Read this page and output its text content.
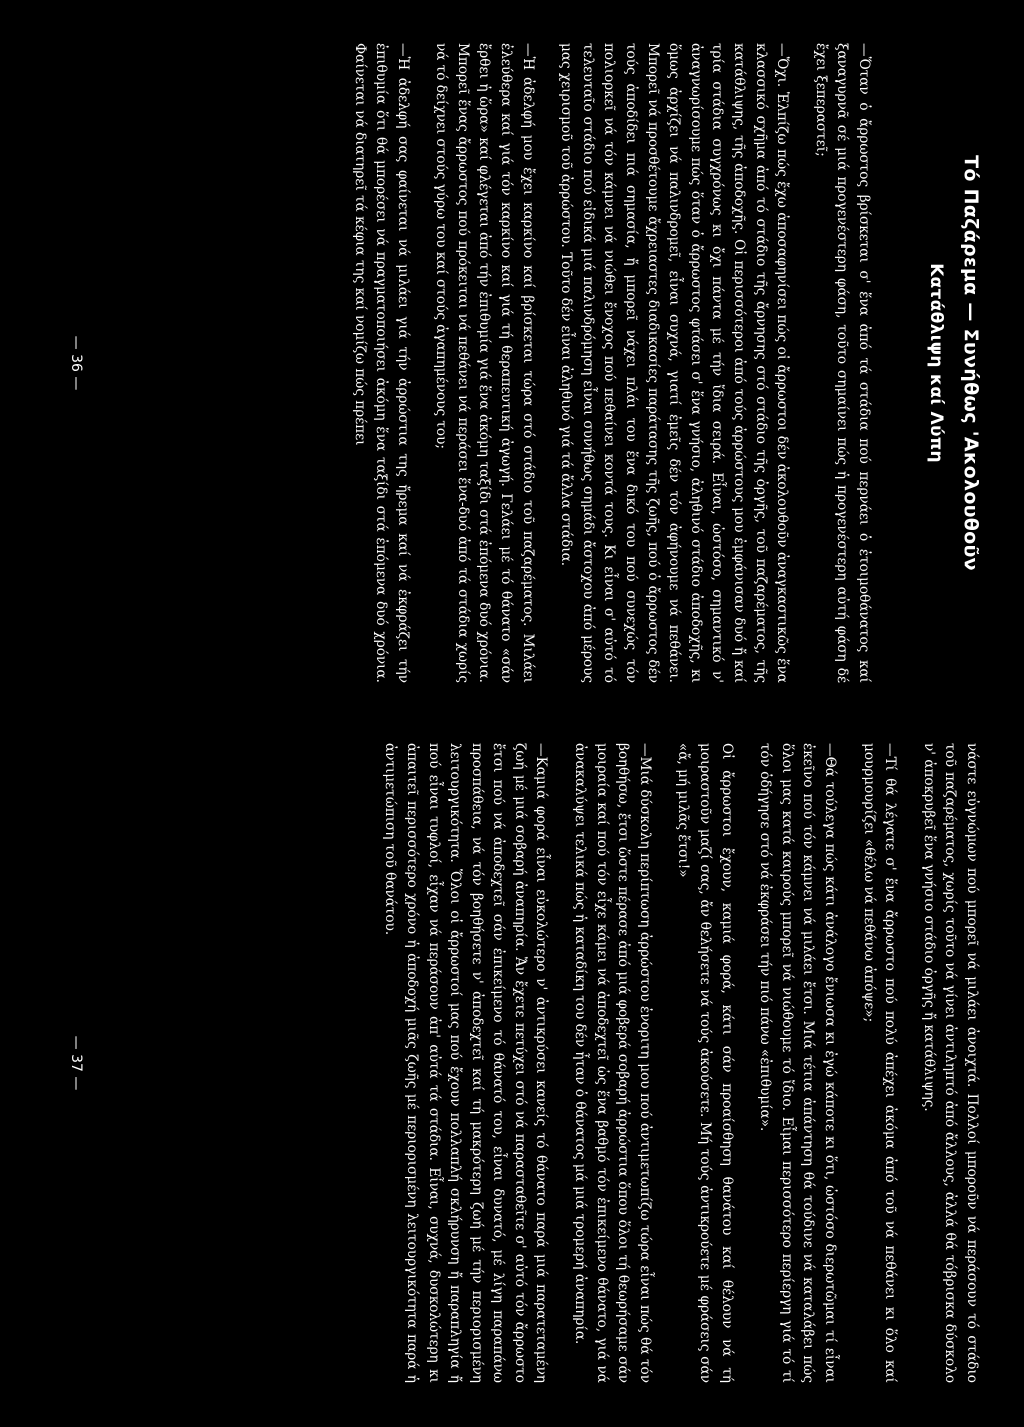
Τό Παζάρεμα — Συνήθως 'Ακολουθοῦν
Κατάθλιψη καί Λύπη

—Ὅταν ὁ ἄρρωστος βρίσκεται σ' ἕνα ἀπό τά στάδια πού περνάει ὁ ἑτοιμοθάνατος καί ξαναγυρνᾶ σέ μιά προγενέστερη φάση, τοῦτο σημαίνει πώς ἡ προγενέστερη αὐτή φάση δέ ἔχει ξεπεραστεῖ;

—Ὄχι. Ἐλπίζω πώς ἔχω ἀποσαφηνίσει πώς οἱ ἄρρωστοι δέν ἀκολουθοῦν ἀναγκαστικῶς ἕνα κλασσικό σχῆμα ἀπό τό στάδιο τῆς ἄρνησης στό στάδιο τῆς ὀργῆς, τοῦ παζαρέματος, τῆς κατάθλιψης, τῆς ἀποδοχῆς. Οἱ περισσότεροι ἀπό τούς ἀρρώστους μου ἐμφάνισαν δυό ἤ καί τρία στάδια συγχρόνως κι ὄχι πάντα μέ τήν ἴδια σειρά. Εἶναι, ὡστόσο, σημαντικό ν' ἀναγνωρίσουμε πώς ὅταν ὁ ἄρρωστος φτάσει σ' ἕνα γνήσιο, ἀληθινό στάδιο ἀποδοχῆς, κι ὅμως ἀρχίζει νά παλινδρομεῖ, εἶναι συχνά, γιατί ἐμεῖς δέν τόν ἀφήνουμε νά πεθάνει. Μπορεῖ νά προσθέτουμε ἄχρειαστες διαδικασίες παράτασης τῆς ζωῆς, πού ὁ ἄρρωστος δέν τούς ἀποδίδει πιά σημασία, ἤ μπορεῖ νάχει πλάι του ἕνα δικό του πού συνεχώς τόν πολιορκεῖ νά τόν κάμνει νά νιώθει ἔνοχος πού πεθαίνει κοντά τους. Κι εἶναι σ' αὐτό τό τελευταῖο στάδιο πού εἰδικά μιά παλινδρόμηση εἶναι συνήθως σημάδι ἄστοχου ἀπό μέρους μας χειρισμοῦ τοῦ ἀρρώστου. Τοῦτο δέν εἶναι ἀληθινό γιά τά ἄλλα στάδια.

—Ἡ ἀδελφή μου ἔχει καρκίνο καί βρίσκεται τώρα στό στάδιο τοῦ παζαρέματος. Μιλάει ἐλεύθερα καί γιά τόν καρκίνο καί γιά τή θεραπευτική ἀγωγή. Γελάει μέ τό θάνατο «σάν ἔρθει ἡ ὥρα» καί φλέγεται ἀπό τήν ἐπιθυμία γιά ἕνα ἀκόμη ταξίδι στά ἑπόμενα δυό χρόνια. Μπορεῖ ἕνας ἄρρωστος πού πρόκειται νά πεθάνει νά περάσει ἕνα-δυό ἀπό τά στάδια χωρίς νά τό δείχνει στούς γύρω του καί στούς ἀγαπημένους του;

—Ἡ ἀδελφή σας φαίνεται νά μιλάει γιά τήν ἀρρώστια της ἤρεμα καί νά ἐκφράζει τήν ἐπιθυμία ὅτι θά μπορέσει νά πραγματοποιήσει ἀκόμη ἕνα ταξίδι στά ἑπόμενα δυό χρόνια. Φαίνεται νά διατηρεῖ τά κέφια της καί νομίζω πώς πρέπει

— 36 —

νάστε εὐγνώμων πού μπορεῖ νά μιλάει ἀνοιχτά. Πολλοί μποροῦν νά περάσουν τό στάδιο τοῦ παζαρέματος, χωρίς τοῦτο νά γίνει ἀντιληπτό ἀπό ἄλλους, ἀλλά θά τόβρισκα δύσκολο ν' ἀποκρυβεῖ ἕνα γνήσιο στάδιο ὀργῆς ἤ κατάθλιψης.

—Τί θά λέγατε σ' ἕνα ἄρρωστο πού πολύ ἀπέχει ἀκόμα ἀπό τοῦ νά πεθάνει κι ὅλο καί μουρμουρίζει «θέλω νά πεθάνω ἀπόψε»;

—Θά τούλεγα πώς κάτι ἀνάλογο ἔνιωσα κι ἐγώ κάποτε κι ὅτι, ὡστόσο διερωτῶμαι τί εἶναι ἐκεῖνο πού τόν κάμνει νά μιλάει ἔτσι. Μιά τέτια ἀπάντηση θά τούδινε νά καταλάβει πώς ὅλοι μας κατά καιρούς μπορεῖ νά νιώθουμε τό ἴδιο. Εἶμαι περισσότερο περίεργη γιά τό τί τόν ὁδήγησε στό νά ἐκφράσει τήν πιό πάνω «ἐπιθυμία».

Οἱ ἄρρωστοι ἔχουν, καμιά φορά, κάτι σάν προαίσθηση θανάτου καί θέλουν νά τή μοιραστοῦν μαζί σας, ἄν θελήσετε νά τούς ἀκούσετε. Μή τούς ἀντικρούετε μέ φράσεις σάν «ἄ, μή μιλᾶς ἔτσι!»

—Μιά δύσκολη περίπτωση ἀρρώστου ἑνοριτη μου πού ἀντιμετωπίζω τώρα εἶναι πώς θά τόν βοηθήσω, ἔτσι ὥστε πέρασε ἀπό μιά φοβερά σοβαρή ἀρρώστια ὅπου ὅλοι τή θεωρήσαμε σάν μοιραία καί πού τόν εἶχε κάμει νά ἀποδεχτεῖ ὡς ἕνα βαθμό τόν ἐπικείμενο θάνατο, γιά νά ἀνακαλύψει τελικά πώς ἡ καταδίκη του δέν ἦταν ὁ θάνατος μά μιά τρομερή ἀναπηρία.

—Καμιά φορά εἶναι εὐκολώτερο ν' ἀντικρύσει κανείς τό θάνατο παρά μιά παρατεταμένη ζωή μέ μιά σοβαρή ἀναπηρία. Ἄν ἔχετε πετύχει στό νά παρασταθεῖτε σ' αὐτό τόν ἄρρωστο ἔτσι πού νά ἀποδεχτεῖ σάν ἐπικείμενο τό θάνατό του, εἶναι δυνατό, μέ λίγη παραπάνω προσπάθεια, νά τόν βοηθήσετε ν' ἀποδεχτεῖ καί τή μακρότερη ζωή μέ τήν περιορισμένη λειτουργικότητα. Ὅλοι οἱ ἄρρωστοί μας πού ἔχουν πολλαπλή σκλήρυνση ἤ παραπληγία ἤ πού εἶναι τυφλοί, εἶχαν νά περάσουν ἀπ' αὐτά τά στάδια. Εἶναι, συχνά, δυσκολώτερη κι ἀπαιτεῖ περισσότερο χρόνο ἡ ἀποδοχή μιᾶς ζωῆς μέ περιορισμένη λειτουργικότητα παρά ἡ ἀντιμετώπιση τοῦ θανάτου.

— 37 —
